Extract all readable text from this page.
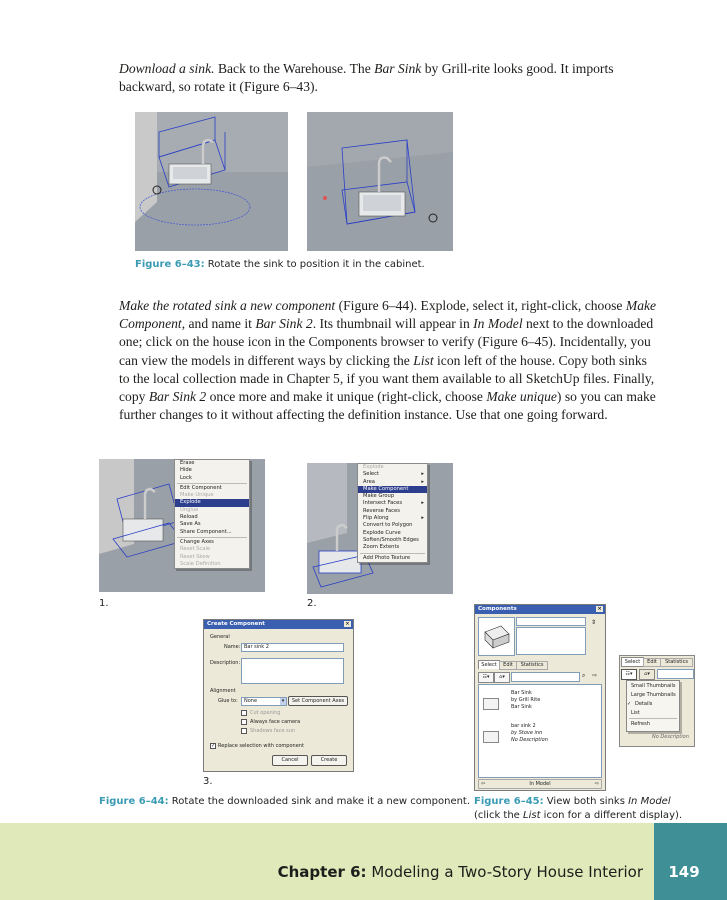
Download a sink. Back to the Warehouse. The Bar Sink by Grill-rite looks good. It imports backward, so rotate it (Figure 6–43).

Figure 6–43: Rotate the sink to position it in the cabinet.

Make the rotated sink a new component (Figure 6–44). Explode, select it, right-click, choose Make Component, and name it Bar Sink 2. Its thumbnail will appear in In Model next to the downloaded one; click on the house icon in the Components browser to verify (Figure 6–45). Incidentally, you can view the models in different ways by clicking the List icon left of the house. Copy both sinks to the local collection made in Chapter 5, if you want them available to all SketchUp files. Finally, copy Bar Sink 2 once more and make it unique (right-click, choose Make unique) so you can make further changes to it without affecting the definition instance. Use that one going forward.

Erase
Hide
Lock
Edit Component
Make Unique
Explode
Unglue
Reload
Save As
Share Component...
Change Axes
Reset Scale
Reset Skew
Scale Definition
1.
Explode
Select	▸
Area	▸
Make Component
Make Group
Intersect Faces	▸
Reverse Faces
Flip Along	▸
Convert to Polygon
Explode Curve
Soften/Smooth Edges
Zoom Extents
Add Photo Texture
2.
Create Component	×
General
Name: Bar sink 2
Description:
Alignment
Glue to:	None	▾	Set Component Axes
Cut opening
Always face camera
Shadows face sun
✓ Replace selection with component
Cancel	Create
3.
Components	×
⇕
Select	Edit	Statistics
☷▾	⌂▾	⌕ ⇨
Bar Sink
by Grill Rite
Bar Sink
bar sink 2
by Stove inn
No Description
⇦	In Model	⇨
Select	Edit	Statistics
☷▾	⌂▾
Small Thumbnails
Large Thumbnails
✓ Details
List
Refresh
No Description
Figure 6–44: Rotate the downloaded sink and make it a new component. Figure 6–45: View both sinks In Model (click the List icon for a different display).
Chapter 6: Modeling a Two-Story House Interior	149
